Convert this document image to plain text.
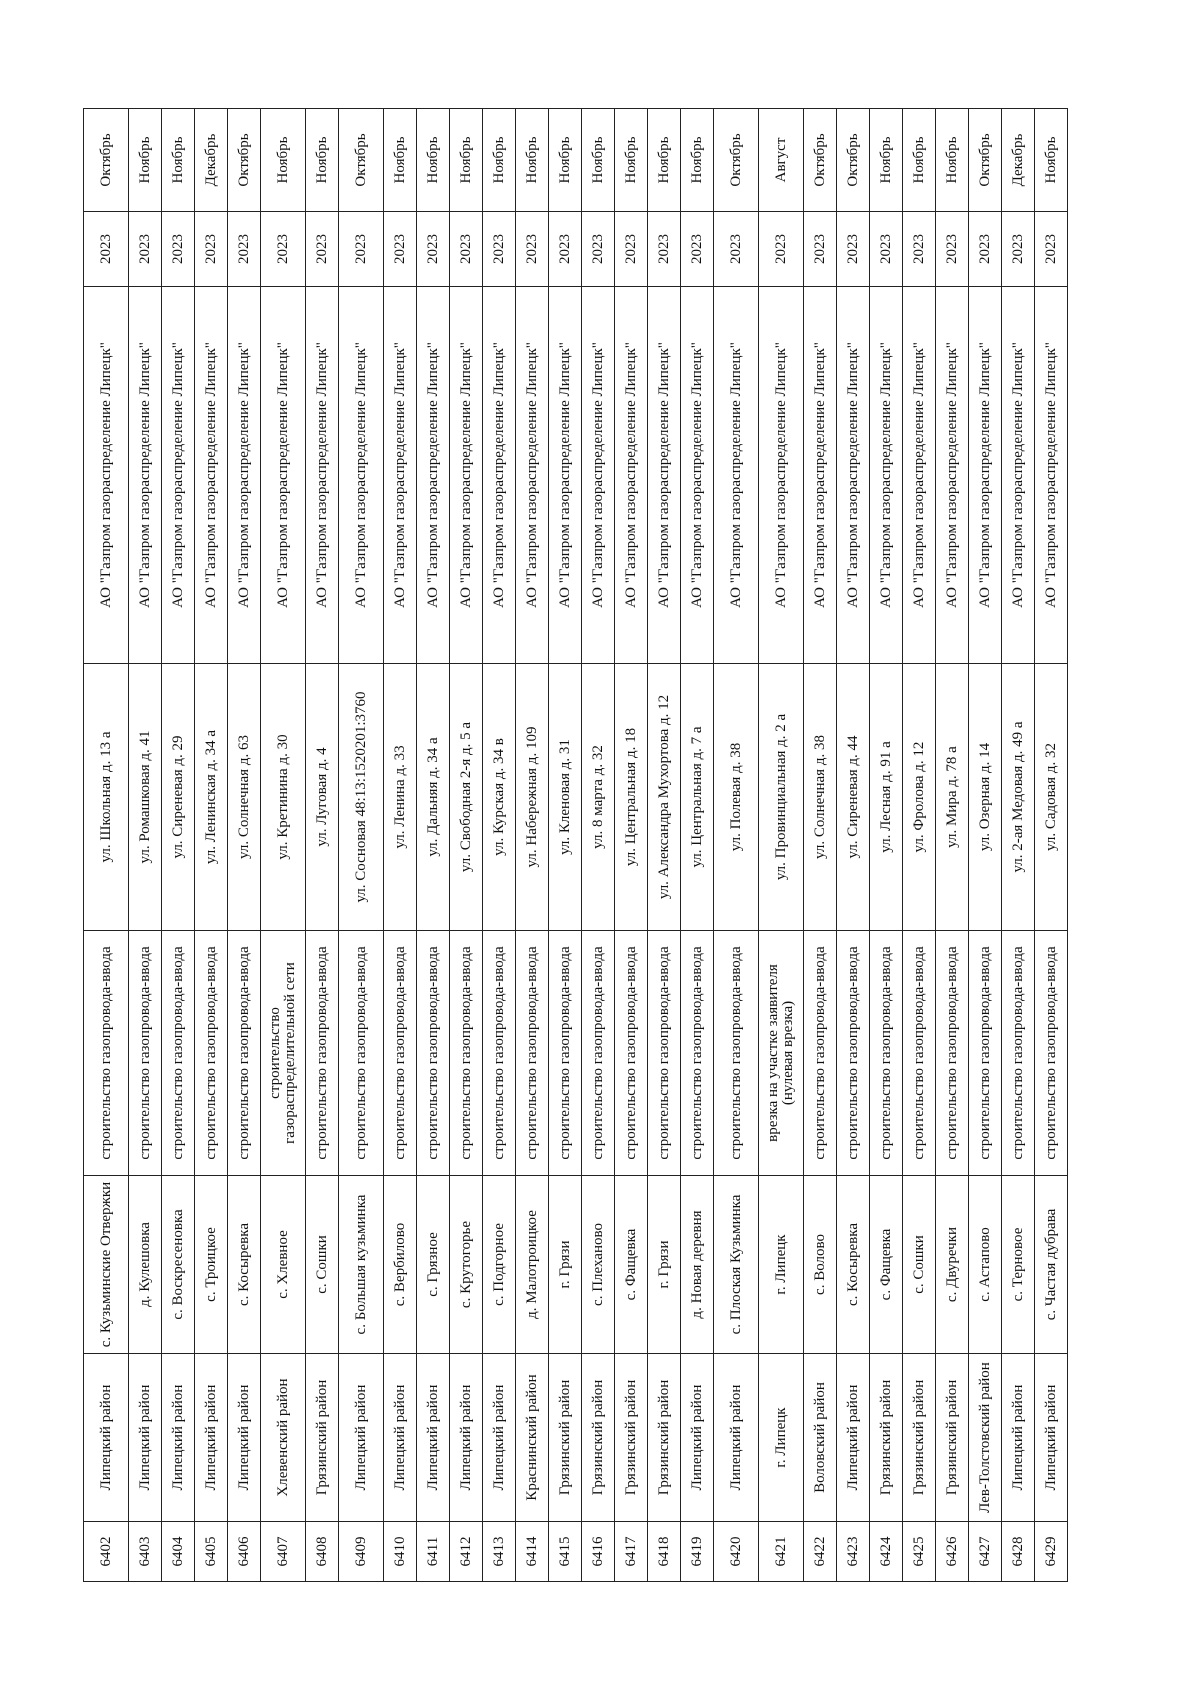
6402	Липецкий район	с. Кузьминские Отвержки	строительство газопровода-ввода	ул. Школьная д. 13 а	АО "Газпром газораспределение Липецк"	2023	Октябрь
6403	Липецкий район	д. Кулешовка	строительство газопровода-ввода	ул. Ромашковая д. 41	АО "Газпром газораспределение Липецк"	2023	Ноябрь
6404	Липецкий район	с. Воскресеновка	строительство газопровода-ввода	ул. Сиреневая д. 29	АО "Газпром газораспределение Липецк"	2023	Ноябрь
6405	Липецкий район	с. Троицкое	строительство газопровода-ввода	ул. Ленинская д. 34 а	АО "Газпром газораспределение Липецк"	2023	Декабрь
6406	Липецкий район	с. Косыревка	строительство газопровода-ввода	ул. Солнечная д. 63	АО "Газпром газораспределение Липецк"	2023	Октябрь
6407	Хлевенский район	с. Хлевное	строительство газораспределительной сети	ул. Кретинина д. 30	АО "Газпром газораспределение Липецк"	2023	Ноябрь
6408	Грязинский район	с. Сошки	строительство газопровода-ввода	ул. Луговая д. 4	АО "Газпром газораспределение Липецк"	2023	Ноябрь
6409	Липецкий район	с. Большая кузьминка	строительство газопровода-ввода	ул. Сосновая 48:13:1520201:3760	АО "Газпром газораспределение Липецк"	2023	Октябрь
6410	Липецкий район	с. Вербилово	строительство газопровода-ввода	ул. Ленина д. 33	АО "Газпром газораспределение Липецк"	2023	Ноябрь
6411	Липецкий район	с. Грязное	строительство газопровода-ввода	ул. Дальняя д. 34 а	АО "Газпром газораспределение Липецк"	2023	Ноябрь
6412	Липецкий район	с. Крутогорье	строительство газопровода-ввода	ул. Свободная 2-я д. 5 а	АО "Газпром газораспределение Липецк"	2023	Ноябрь
6413	Липецкий район	с. Подгорное	строительство газопровода-ввода	ул. Курская д. 34 в	АО "Газпром газораспределение Липецк"	2023	Ноябрь
6414	Краснинский район	д. Малотроицкое	строительство газопровода-ввода	ул. Набережная д. 109	АО "Газпром газораспределение Липецк"	2023	Ноябрь
6415	Грязинский район	г. Грязи	строительство газопровода-ввода	ул. Кленовая д. 31	АО "Газпром газораспределение Липецк"	2023	Ноябрь
6416	Грязинский район	с. Плеханово	строительство газопровода-ввода	ул. 8 марта д. 32	АО "Газпром газораспределение Липецк"	2023	Ноябрь
6417	Грязинский район	с. Фащевка	строительство газопровода-ввода	ул. Центральная д. 18	АО "Газпром газораспределение Липецк"	2023	Ноябрь
6418	Грязинский район	г. Грязи	строительство газопровода-ввода	ул. Александра Мухортова д. 12	АО "Газпром газораспределение Липецк"	2023	Ноябрь
6419	Липецкий район	д. Новая деревня	строительство газопровода-ввода	ул. Центральная д. 7 а	АО "Газпром газораспределение Липецк"	2023	Ноябрь
6420	Липецкий район	с. Плоская Кузьминка	строительство газопровода-ввода	ул. Полевая д. 38	АО "Газпром газораспределение Липецк"	2023	Октябрь
6421	г. Липецк	г. Липецк	врезка на участке заявителя (нулевая врезка)	ул. Провинциальная д. 2 а	АО "Газпром газораспределение Липецк"	2023	Август
6422	Воловский район	с. Волово	строительство газопровода-ввода	ул. Солнечная д. 38	АО "Газпром газораспределение Липецк"	2023	Октябрь
6423	Липецкий район	с. Косыревка	строительство газопровода-ввода	ул. Сиреневая д. 44	АО "Газпром газораспределение Липецк"	2023	Октябрь
6424	Грязинский район	с. Фащевка	строительство газопровода-ввода	ул. Лесная д. 91 а	АО "Газпром газораспределение Липецк"	2023	Ноябрь
6425	Грязинский район	с. Сошки	строительство газопровода-ввода	ул. Фролова д. 12	АО "Газпром газораспределение Липецк"	2023	Ноябрь
6426	Грязинский район	с. Двуречки	строительство газопровода-ввода	ул. Мира д. 78 а	АО "Газпром газораспределение Липецк"	2023	Ноябрь
6427	Лев-Толстовский район	с. Астапово	строительство газопровода-ввода	ул. Озерная д. 14	АО "Газпром газораспределение Липецк"	2023	Октябрь
6428	Липецкий район	с. Терновое	строительство газопровода-ввода	ул. 2-ая Медовая д. 49 а	АО "Газпром газораспределение Липецк"	2023	Декабрь
6429	Липецкий район	с. Частая дубрава	строительство газопровода-ввода	ул. Садовая д. 32	АО "Газпром газораспределение Липецк"	2023	Ноябрь
